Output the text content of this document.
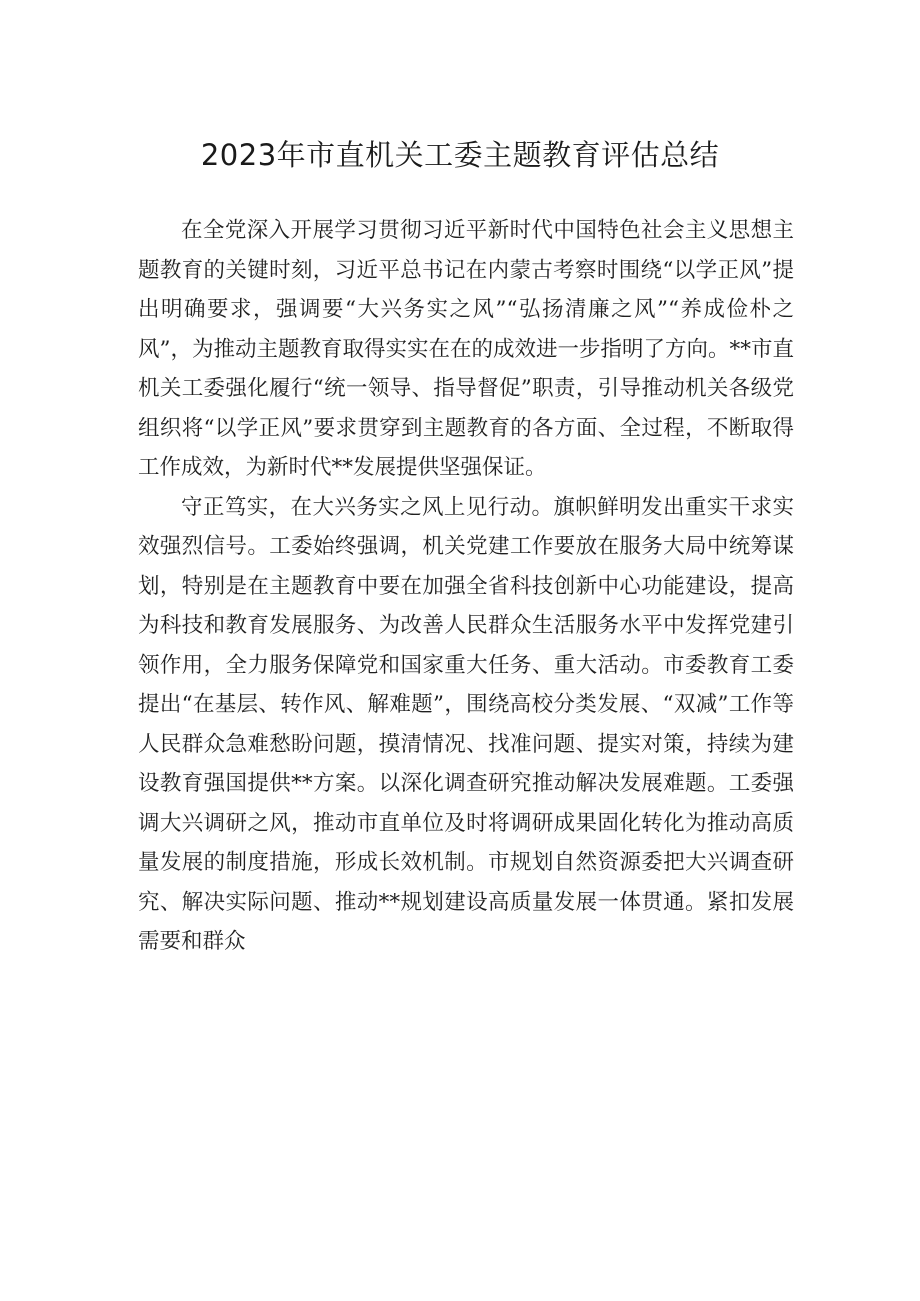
2023年市直机关工委主题教育评估总结

在全党深入开展学习贯彻习近平新时代中国特色社会主义思想主题教育的关键时刻，习近平总书记在内蒙古考察时围绕“以学正风”提出明确要求，强调要“大兴务实之风”“弘扬清廉之风”“养成俭朴之风”，为推动主题教育取得实实在在的成效进一步指明了方向。**市直机关工委强化履行“统一领导、指导督促”职责，引导推动机关各级党组织将“以学正风”要求贯穿到主题教育的各方面、全过程，不断取得工作成效，为新时代**发展提供坚强保证。

守正笃实，在大兴务实之风上见行动。旗帜鲜明发出重实干求实效强烈信号。工委始终强调，机关党建工作要放在服务大局中统筹谋划，特别是在主题教育中要在加强全省科技创新中心功能建设，提高为科技和教育发展服务、为改善人民群众生活服务水平中发挥党建引领作用，全力服务保障党和国家重大任务、重大活动。市委教育工委提出“在基层、转作风、解难题”，围绕高校分类发展、“双减”工作等人民群众急难愁盼问题，摸清情况、找准问题、提实对策，持续为建设教育强国提供**方案。以深化调查研究推动解决发展难题。工委强调大兴调研之风，推动市直单位及时将调研成果固化转化为推动高质量发展的制度措施，形成长效机制。市规划自然资源委把大兴调查研究、解决实际问题、推动**规划建设高质量发展一体贯通。紧扣发展需要和群众
